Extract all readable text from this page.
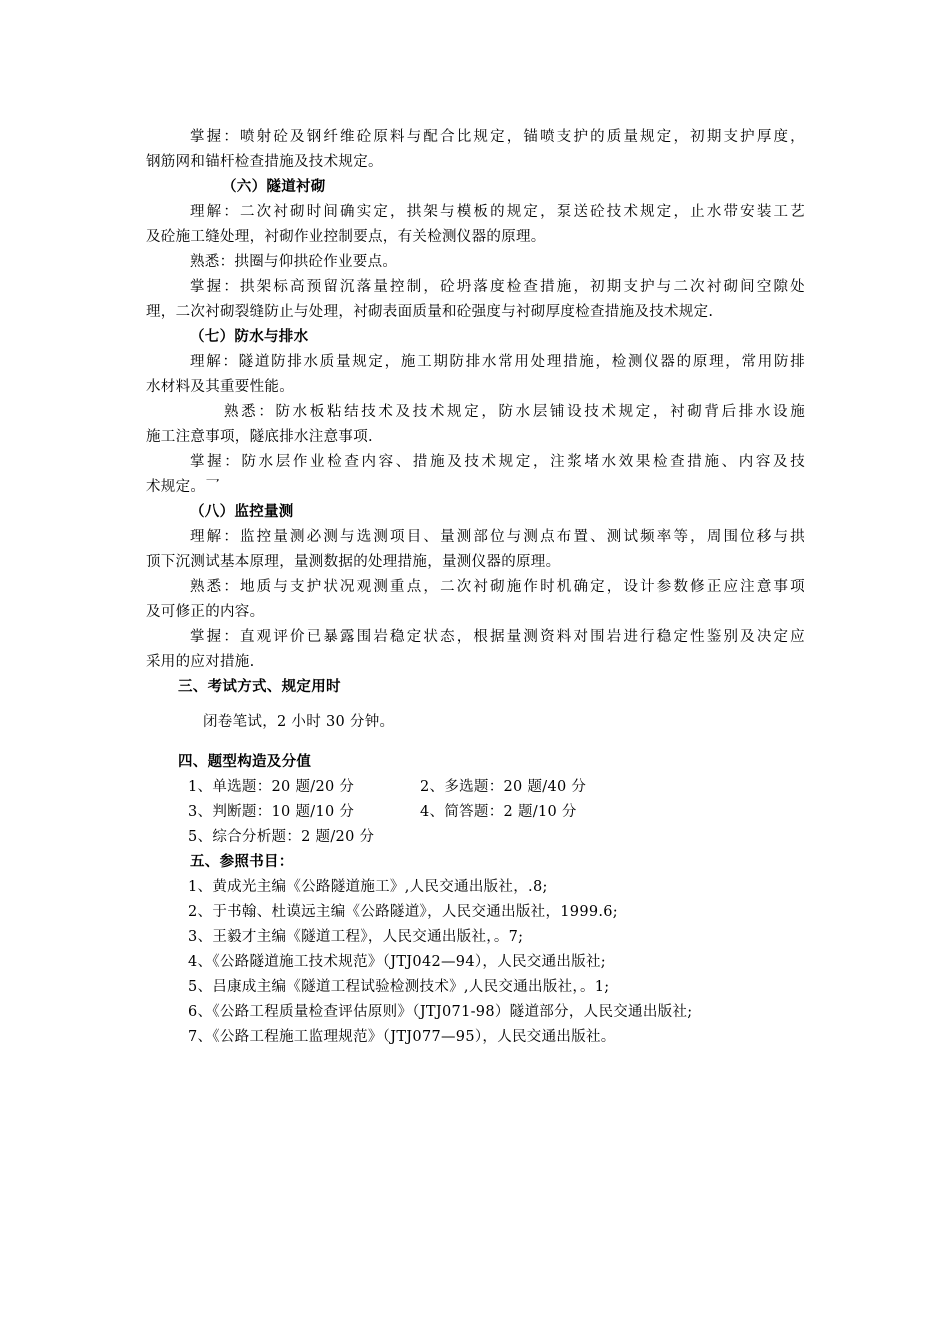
掌握：喷射砼及钢纤维砼原料与配合比规定，锚喷支护的质量规定，初期支护厚度，
钢筋网和锚杆检查措施及技术规定。
（六）隧道衬砌
理解：二次衬砌时间确实定，拱架与模板的规定，泵送砼技术规定，止水带安装工艺
及砼施工缝处理，衬砌作业控制要点，有关检测仪器的原理。
熟悉：拱圈与仰拱砼作业要点。
掌握：拱架标高预留沉落量控制，砼坍落度检查措施，初期支护与二次衬砌间空隙处
理，二次衬砌裂缝防止与处理，衬砌表面质量和砼强度与衬砌厚度检查措施及技术规定.
（七）防水与排水
理解：隧道防排水质量规定，施工期防排水常用处理措施，检测仪器的原理，常用防排
水材料及其重要性能。
熟悉：防水板粘结技术及技术规定，防水层铺设技术规定，衬砌背后排水设施
施工注意事项，隧底排水注意事项.
掌握：防水层作业检查内容、措施及技术规定，注浆堵水效果检查措施、内容及技
术规定。乛
（八）监控量测
理解：监控量测必测与选测项目、量测部位与测点布置、测试频率等，周围位移与拱
顶下沉测试基本原理，量测数据的处理措施，量测仪器的原理。
熟悉：地质与支护状况观测重点，二次衬砌施作时机确定，设计参数修正应注意事项
及可修正的内容。
掌握：直观评价已暴露围岩稳定状态，根据量测资料对围岩进行稳定性鉴别及决定应
采用的应对措施.
三、考试方式、规定用时
闭卷笔试，2 小时 30 分钟。
四、题型构造及分值
1、单选题：20 题/20 分	2、多选题：20 题/40 分
3、判断题：10 题/10 分	4、简答题：2 题/10 分
5、综合分析题：2 题/20 分
五、参照书目：
1、黄成光主编《公路隧道施工》,人民交通出版社，.8;
2、于书翰、杜谟远主编《公路隧道》，人民交通出版社，1999.6;
3、王毅才主编《隧道工程》，人民交通出版社，。7;
4、《公路隧道施工技术规范》（JTJ042—94），人民交通出版社;
5、吕康成主编《隧道工程试验检测技术》,人民交通出版社，。1;
6、《公路工程质量检查评估原则》（JTJ071-98）隧道部分，人民交通出版社;
7、《公路工程施工监理规范》（JTJ077—95），人民交通出版社。
